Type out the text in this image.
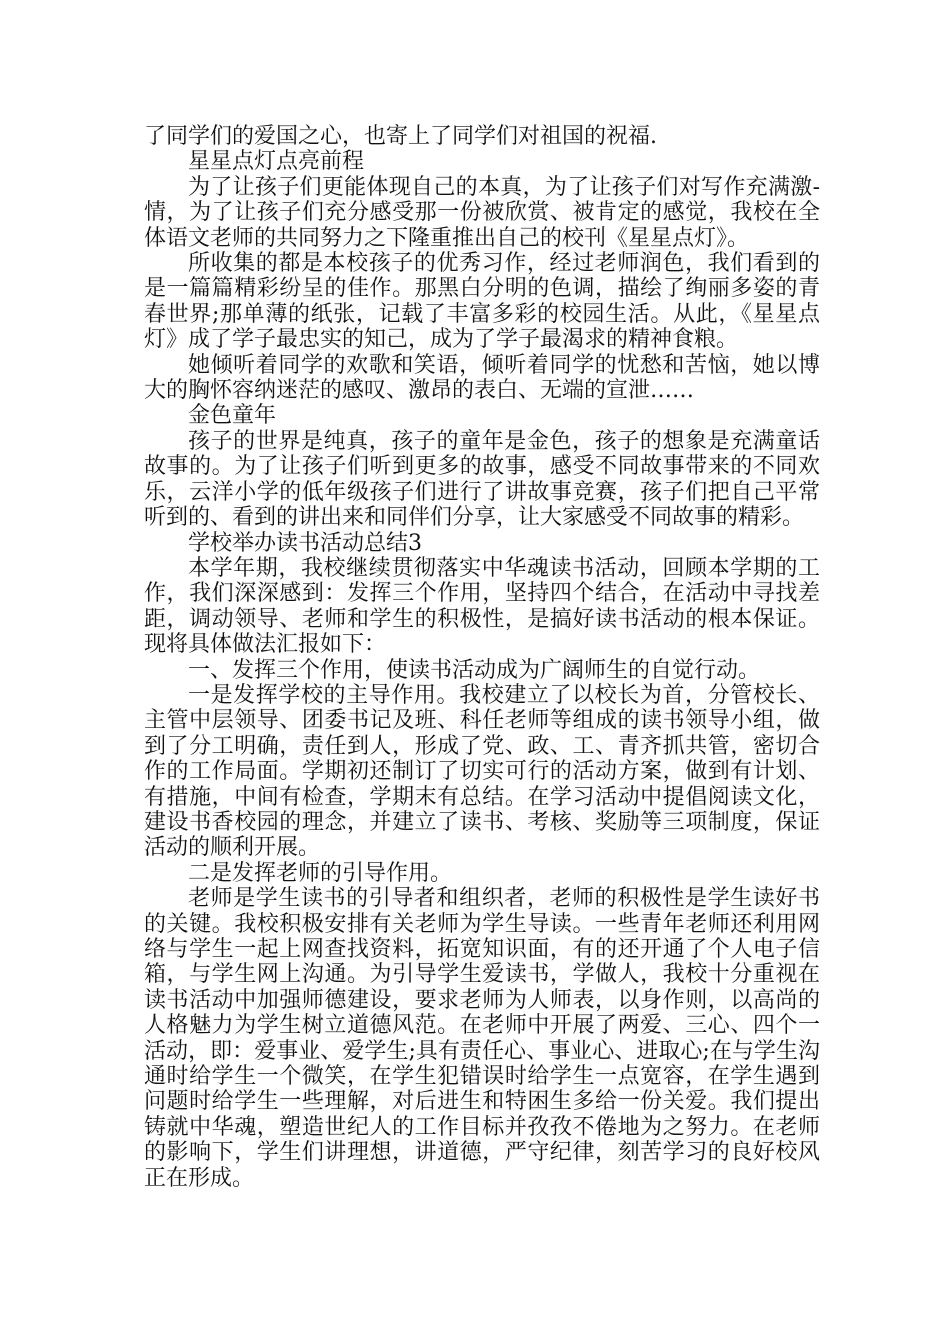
了同学们的爱国之心，也寄上了同学们对祖国的祝福.

星星点灯点亮前程

为了让孩子们更能体现自己的本真，为了让孩子们对写作充满激-情，为了让孩子们充分感受那一份被欣赏、被肯定的感觉，我校在全体语文老师的共同努力之下隆重推出自己的校刊《星星点灯》。

所收集的都是本校孩子的优秀习作，经过老师润色，我们看到的是一篇篇精彩纷呈的佳作。那黑白分明的色调，描绘了绚丽多姿的青春世界;那单薄的纸张，记载了丰富多彩的校园生活。从此，《星星点灯》成了学子最忠实的知己，成为了学子最渴求的精神食粮。

她倾听着同学的欢歌和笑语，倾听着同学的忧愁和苦恼，她以博大的胸怀容纳迷茫的感叹、激昂的表白、无端的宣泄……

金色童年

孩子的世界是纯真，孩子的童年是金色，孩子的想象是充满童话故事的。为了让孩子们听到更多的故事，感受不同故事带来的不同欢乐，云洋小学的低年级孩子们进行了讲故事竞赛，孩子们把自己平常听到的、看到的讲出来和同伴们分享，让大家感受不同故事的精彩。

学校举办读书活动总结3

本学年期，我校继续贯彻落实中华魂读书活动，回顾本学期的工作，我们深深感到：发挥三个作用，坚持四个结合，在活动中寻找差距，调动领导、老师和学生的积极性，是搞好读书活动的根本保证。现将具体做法汇报如下：

一、发挥三个作用，使读书活动成为广阔师生的自觉行动。

一是发挥学校的主导作用。我校建立了以校长为首，分管校长、主管中层领导、团委书记及班、科任老师等组成的读书领导小组，做到了分工明确，责任到人，形成了党、政、工、青齐抓共管，密切合作的工作局面。学期初还制订了切实可行的活动方案，做到有计划、有措施，中间有检查，学期末有总结。在学习活动中提倡阅读文化，建设书香校园的理念，并建立了读书、考核、奖励等三项制度，保证活动的顺利开展。

二是发挥老师的引导作用。

老师是学生读书的引导者和组织者，老师的积极性是学生读好书的关键。我校积极安排有关老师为学生导读。一些青年老师还利用网络与学生一起上网查找资料，拓宽知识面，有的还开通了个人电子信箱，与学生网上沟通。为引导学生爱读书，学做人，我校十分重视在读书活动中加强师德建设，要求老师为人师表，以身作则，以高尚的人格魅力为学生树立道德风范。在老师中开展了两爱、三心、四个一活动，即：爱事业、爱学生;具有责任心、事业心、进取心;在与学生沟通时给学生一个微笑，在学生犯错误时给学生一点宽容，在学生遇到问题时给学生一些理解，对后进生和特困生多给一份关爱。我们提出铸就中华魂，塑造世纪人的工作目标并孜孜不倦地为之努力。在老师的影响下，学生们讲理想，讲道德，严守纪律，刻苦学习的良好校风正在形成。
